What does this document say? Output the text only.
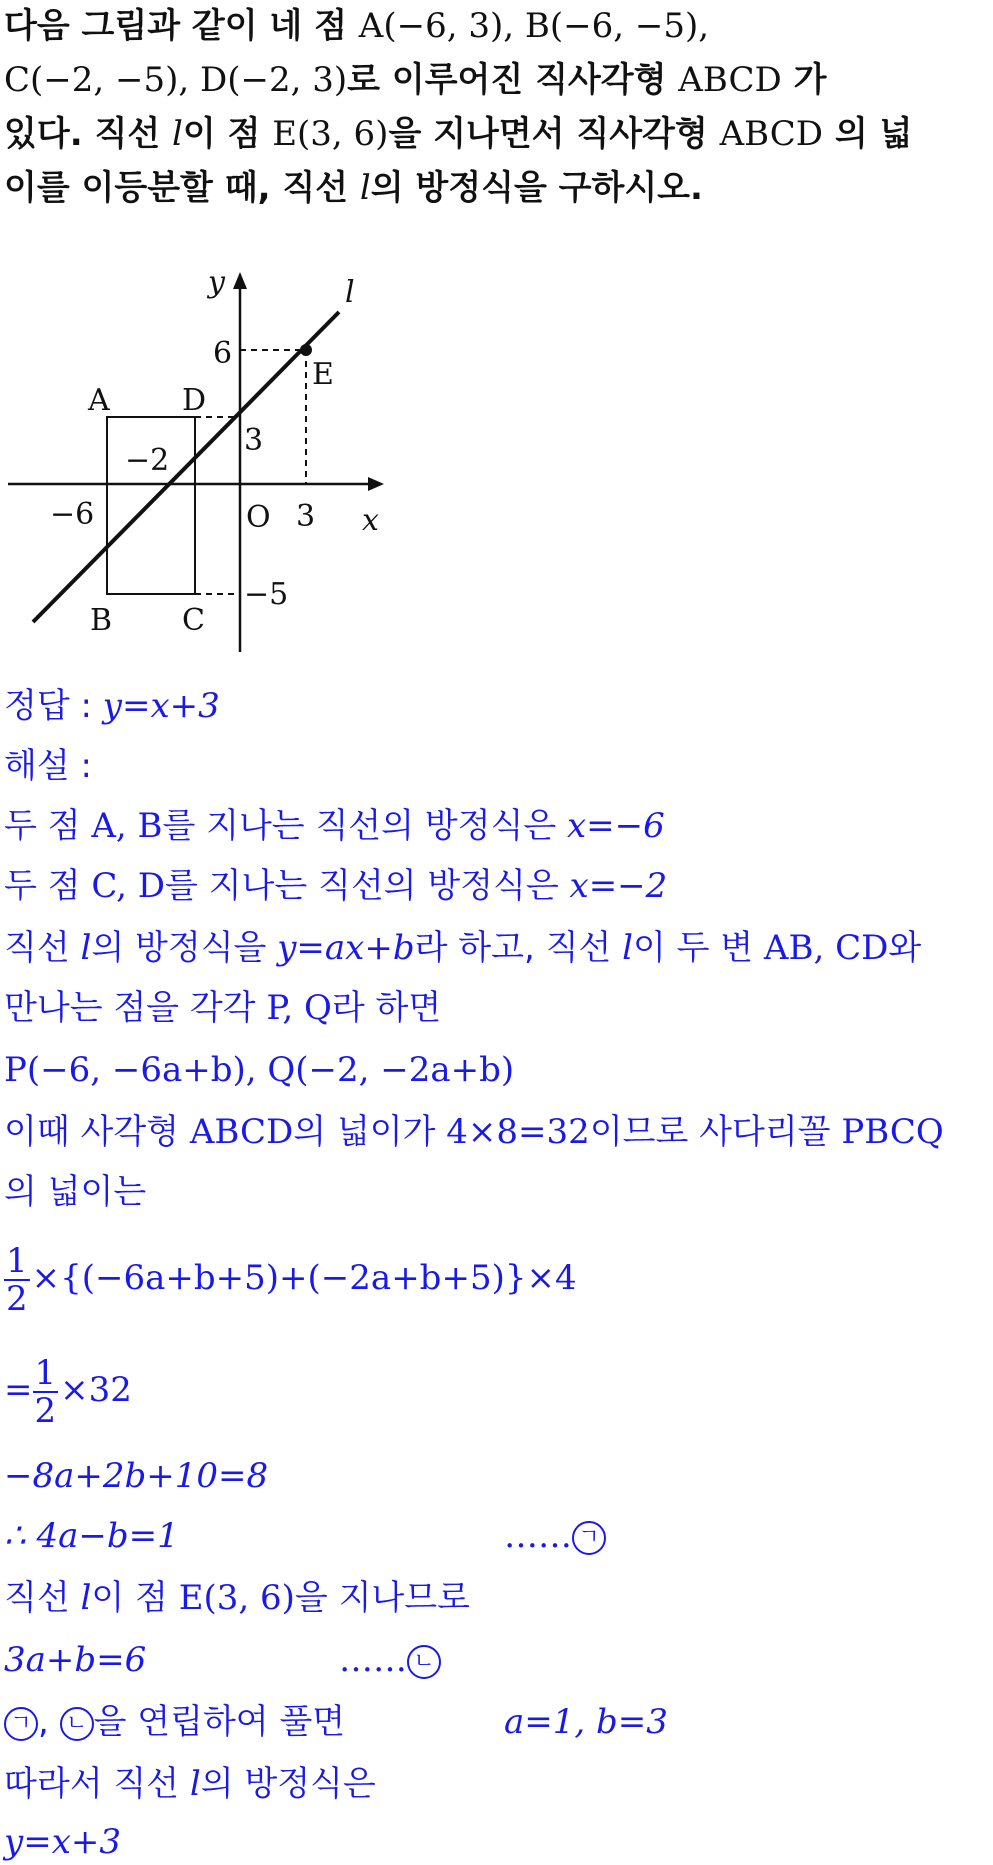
다음 그림과 같이 네 점 A(−6, 3), B(−6, −5),
C(−2, −5), D(−2, 3)로 이루어진 직사각형 ABCD 가
있다. 직선 l이 점 E(3, 6)을 지나면서 직사각형 ABCD 의 넓
이를 이등분할 때, 직선 l의 방정식을 구하시오.
y
x
l
6
E
A D
3
−2
−6	O 3
−5
B C
정답 : y=x+3
해설 :
두 점 A, B를 지나는 직선의 방정식은 x=−6
두 점 C, D를 지나는 직선의 방정식은 x=−2
직선 l의 방정식을 y=ax+b라 하고, 직선 l이 두 변 AB, CD와
만나는 점을 각각 P, Q라 하면
P(−6, −6a+b), Q(−2, −2a+b)
이때 사각형 ABCD의 넓이가 4×8=32이므로 사다리꼴 PBCQ
의 넓이는
$\frac{1}{2} \times\{(-6a+b+5)+(-2a+b+5)\}\times 4$
= $\frac{1}{2} \times 32$
−8a+2b+10=8
∴ 4a−b=1	…… ㄱ
직선 l이 점 E(3, 6)을 지나므로
3a+b=6	…… ㄴ
ㄱ , ㄴ 을 연립하여 풀면	a=1, b=3
따라서 직선 l의 방정식은
y=x+3
